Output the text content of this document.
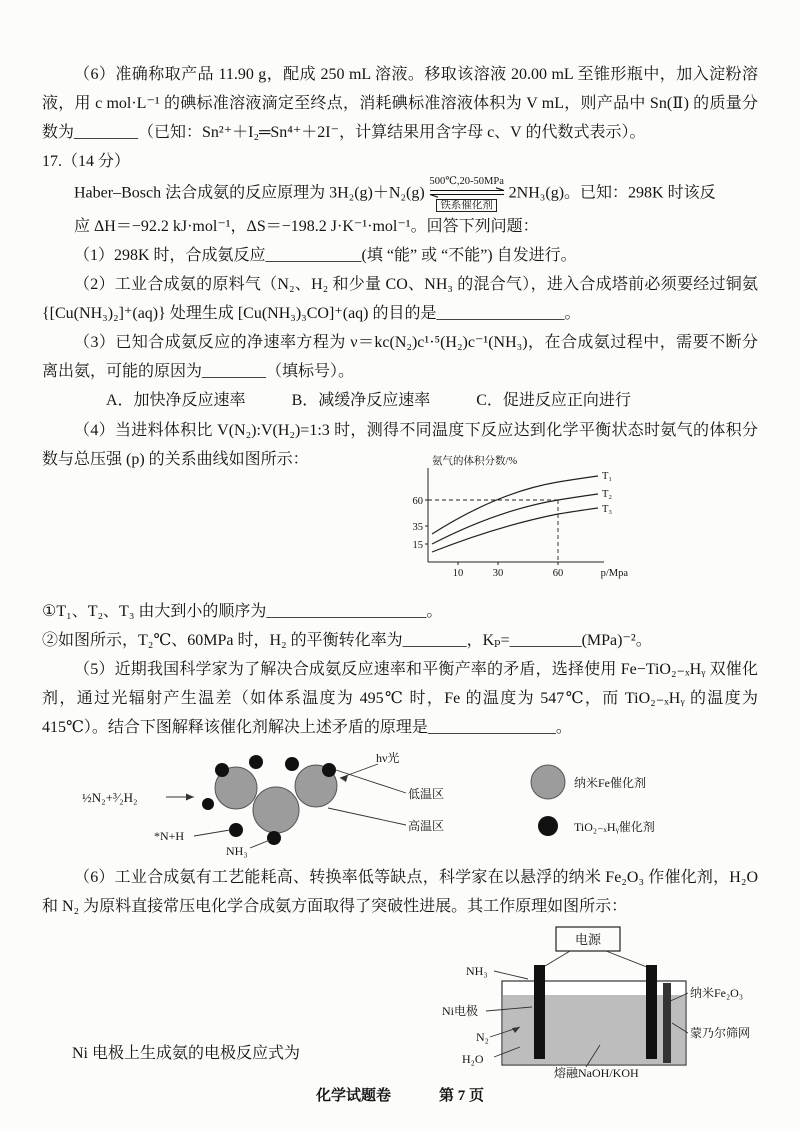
（6）准确称取产品 11.90 g，配成 250 mL 溶液。移取该溶液 20.00 mL 至锥形瓶中，加入淀粉溶液，用 c mol·L⁻¹ 的碘标准溶液滴定至终点，消耗碘标准溶液体积为 V mL，则产品中 Sn(Ⅱ) 的质量分数为________（已知：Sn²⁺＋I₂═Sn⁴⁺＋2I⁻，计算结果用含字母 c、V 的代数式表示）。

17.（14 分）

Haber–Bosch 法合成氨的反应原理为 3H₂(g)＋N₂(g)
500℃,20-50MPa
铁系催化剂
2NH₃(g)。已知：298K 时该反

应 ΔH＝−92.2 kJ·mol⁻¹，ΔS＝−198.2 J·K⁻¹·mol⁻¹。回答下列问题：

（1）298K 时，合成氨反应____________(填 “能” 或 “不能”) 自发进行。

（2）工业合成氨的原料气（N₂、H₂ 和少量 CO、NH₃ 的混合气），进入合成塔前必须要经过铜氨 {[Cu(NH₃)₂]⁺(aq)} 处理生成 [Cu(NH₃)₃CO]⁺(aq) 的目的是________________。

（3）已知合成氨反应的净速率方程为 ν＝kc(N₂)c¹·⁵(H₂)c⁻¹(NH₃)，在合成氨过程中，需要不断分离出氨，可能的原因为________（填标号）。

A．加快净反应速率	B．减缓净反应速率	C．促进反应正向进行

（4）当进料体积比 V(N₂):V(H₂)=1:3 时，测得不同温度下反应达到化学平衡状态时氨气的体积分数与总压强 (p) 的关系曲线如图所示：	氨气的体积分数/%
60
35
15
10	30	60	p/Mpa
T₁
T₂
T₃

①T₁、T₂、T₃ 由大到小的顺序为____________________。

②如图所示，T₂℃、60MPa 时，H₂ 的平衡转化率为________，Kₚ=_________(MPa)⁻²。

（5）近期我国科学家为了解决合成氨反应速率和平衡产率的矛盾，选择使用 Fe−TiO₂₋ₓHᵧ 双催化剂，通过光辐射产生温差（如体系温度为 495℃ 时，Fe 的温度为 547℃，而 TiO₂₋ₓHᵧ 的温度为 415℃）。结合下图解释该催化剂解决上述矛盾的原理是________________。

½N₂+³⁄₂H₂
hν光
低温区
高温区
*N+H
NH₃
纳米Fe催化剂
TiO₂₋ₓHᵧ催化剂

（6）工业合成氨有工艺能耗高、转换率低等缺点，科学家在以悬浮的纳米 Fe₂O₃ 作催化剂，H₂O 和 N₂ 为原料直接常压电化学合成氨方面取得了突破性进展。其工作原理如图所示：

Ni 电极上生成氨的电极反应式为

电源
NH₃
Ni电极
N₂
H₂O
熔融NaOH/KOH
纳米Fe₂O₃
蒙乃尔筛网
化学试题卷	第 7 页
